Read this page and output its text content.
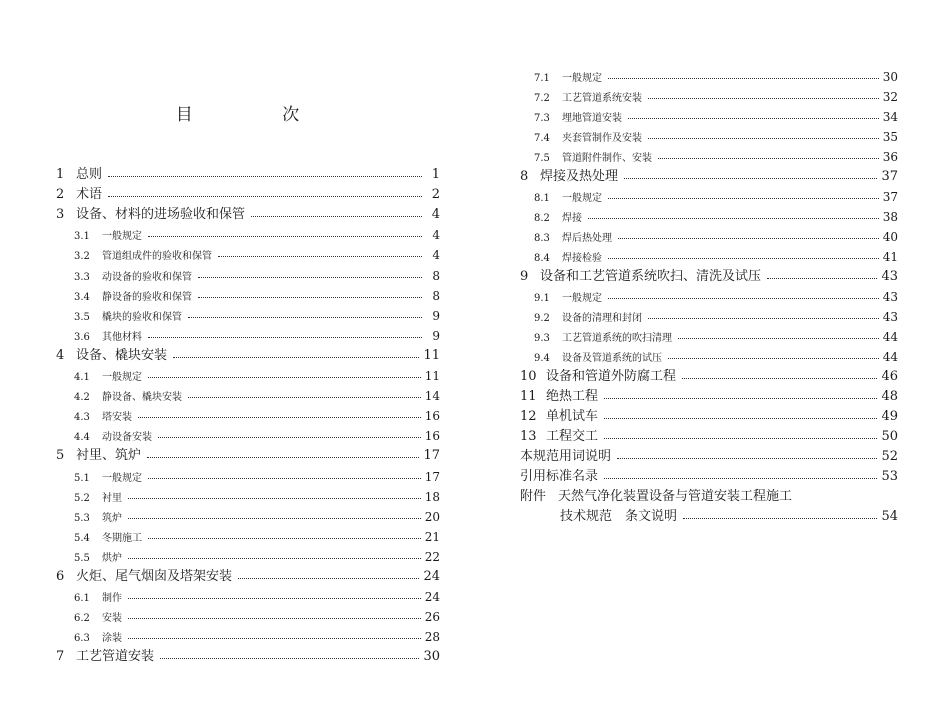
目 次
1 总则	1
2 术语	2
3 设备、材料的进场验收和保管	4
3.1	一般规定	4
3.2	管道组成件的验收和保管	4
3.3	动设备的验收和保管	8
3.4	静设备的验收和保管	8
3.5	橇块的验收和保管	9
3.6	其他材料	9
4 设备、橇块安装	11
4.1	一般规定	11
4.2	静设备、橇块安装	14
4.3	塔安装	16
4.4	动设备安装	16
5 衬里、筑炉	17
5.1	一般规定	17
5.2	衬里	18
5.3	筑炉	20
5.4	冬期施工	21
5.5	烘炉	22
6 火炬、尾气烟囱及塔架安装	24
6.1	制作	24
6.2	安装	26
6.3	涂装	28
7 工艺管道安装	30
7.1	一般规定	30
7.2	工艺管道系统安装	32
7.3	埋地管道安装	34
7.4	夹套管制作及安装	35
7.5	管道附件制作、安装	36
8 焊接及热处理	37
8.1	一般规定	37
8.2	焊接	38
8.3	焊后热处理	40
8.4	焊接检验	41
9 设备和工艺管道系统吹扫、清洗及试压	43
9.1	一般规定	43
9.2	设备的清理和封闭	43
9.3	工艺管道系统的吹扫清理	44
9.4	设备及管道系统的试压	44
10 设备和管道外防腐工程	46
11 绝热工程	48
12 单机试车	49
13 工程交工	50
本规范用词说明	52
引用标准名录	53
附件 天然气净化装置设备与管道安装工程施工
技术规范　条文说明	54
